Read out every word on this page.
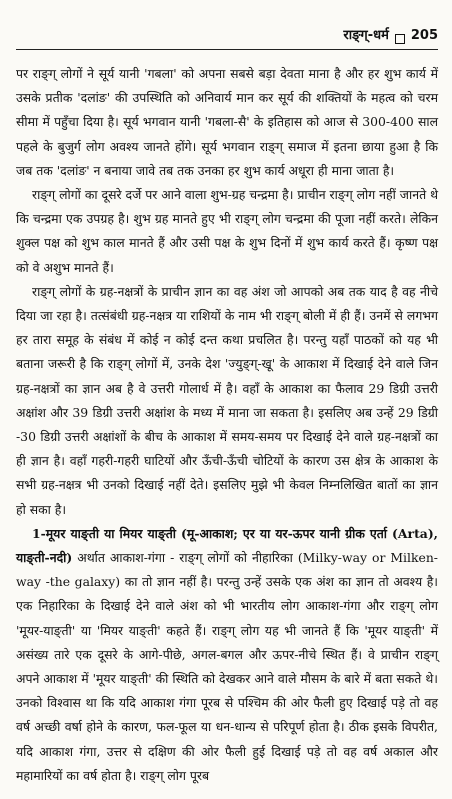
राङ्ग्-धर्म 205

पर राङ्ग् लोगों ने सूर्य यानी 'गबला' को अपना सबसे बड़ा देवता माना है और हर शुभ कार्य में उसके प्रतीक 'दलांङ' की उपस्थिति को अनिवार्य मान कर सूर्य की शक्तियों के महत्व को चरम सीमा में पहुँचा दिया है। सूर्य भगवान यानी 'गबला-सै' के इतिहास को आज से 300-400 साल पहले के बुजुर्ग लोग अवश्य जानते होंगे। सूर्य भगवान राङ्ग् समाज में इतना छाया हुआ है कि जब तक 'दलांङ' न बनाया जावे तब तक उनका हर शुभ कार्य अधूरा ही माना जाता है।

राङ्ग् लोगों का दूसरे दर्जे पर आने वाला शुभ-ग्रह चन्द्रमा है। प्राचीन राङ्ग् लोग नहीं जानते थे कि चन्द्रमा एक उपग्रह है। शुभ ग्रह मानते हुए भी राङ्ग् लोग चन्द्रमा की पूजा नहीं करते। लेकिन शुक्ल पक्ष को शुभ काल मानते हैं और उसी पक्ष के शुभ दिनों में शुभ कार्य करते हैं। कृष्ण पक्ष को वे अशुभ मानते हैं।

राङ्ग् लोगों के ग्रह-नक्षत्रों के प्राचीन ज्ञान का वह अंश जो आपको अब तक याद है वह नीचे दिया जा रहा है। तत्संबंधी ग्रह-नक्षत्र या राशियों के नाम भी राङ्ग् बोली में ही हैं। उनमें से लगभग हर तारा समूह के संबंध में कोई न कोई दन्त कथा प्रचलित है। परन्तु यहाँ पाठकों को यह भी बताना जरूरी है कि राङ्ग् लोगों में, उनके देश 'ज्युङ्ग्-खू' के आकाश में दिखाई देने वाले जिन ग्रह-नक्षत्रों का ज्ञान अब है वे उत्तरी गोलार्ध में है। वहाँ के आकाश का फैलाव 29 डिग्री उत्तरी अक्षांश और 39 डिग्री उत्तरी अक्षांश के मध्य में माना जा सकता है। इसलिए अब उन्हें 29 डिग्री -30 डिग्री उत्तरी अक्षांशों के बीच के आकाश में समय-समय पर दिखाई देने वाले ग्रह-नक्षत्रों का ही ज्ञान है। वहाँ गहरी-गहरी घाटियों और ऊँची-ऊँची चोटियों के कारण उस क्षेत्र के आकाश के सभी ग्रह-नक्षत्र भी उनको दिखाई नहीं देते। इसलिए मुझे भी केवल निम्नलिखित बातों का ज्ञान हो सका है।

1-मूयर याङ्ती या मियर याङ्ती (मू-आकाश; एर या यर-ऊपर यानी ग्रीक एर्ता (Arta), याङ्ती-नदी) अर्थात आकाश-गंगा - राङ्ग् लोगों को नीहारिका (Milky-way or Milken-way -the galaxy) का तो ज्ञान नहीं है। परन्तु उन्हें उसके एक अंश का ज्ञान तो अवश्य है। एक निहारिका के दिखाई देने वाले अंश को भी भारतीय लोग आकाश-गंगा और राङ्ग् लोग 'मूयर-याङ्ती' या 'मियर याङ्ती' कहते हैं। राङ्ग् लोग यह भी जानते हैं कि 'मूयर याङ्ती' में असंख्य तारे एक दूसरे के आगे-पीछे, अगल-बगल और ऊपर-नीचे स्थित हैं। वे प्राचीन राङ्ग् अपने आकाश में 'मूयर याङ्ती' की स्थिति को देखकर आने वाले मौसम के बारे में बता सकते थे। उनको विश्वास था कि यदि आकाश गंगा पूरब से पश्चिम की ओर फैली हुए दिखाई पड़े तो वह वर्ष अच्छी वर्षा होने के कारण, फल-फूल या धन-धान्य से परिपूर्ण होता है। ठीक इसके विपरीत, यदि आकाश गंगा, उत्तर से दक्षिण की ओर फैली हुई दिखाई पड़े तो वह वर्ष अकाल और महामारियों का वर्ष होता है। राङ्ग् लोग पूरब
